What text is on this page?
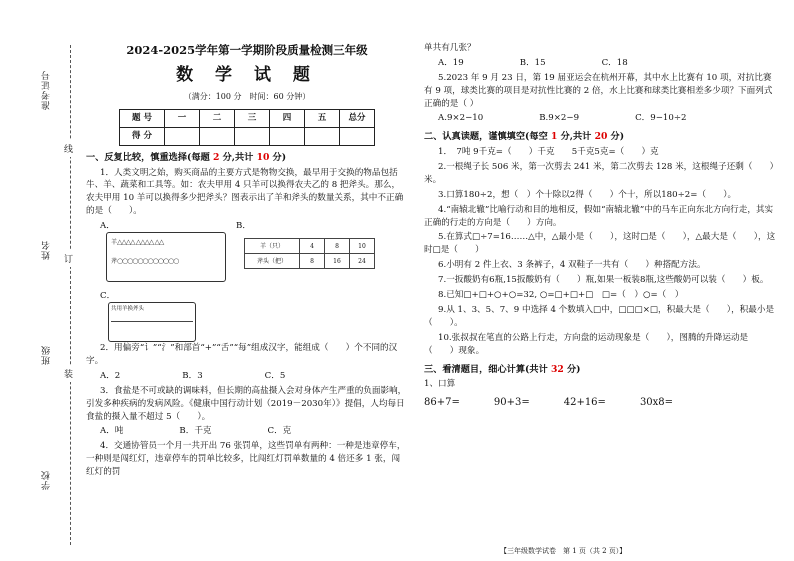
准考证号
姓名
班级
学校
线
订
装
2024-2025学年第一学期阶段质量检测三年级
数 学 试 题
（满分：100 分　时间：60 分钟）
题 号	一	二	三	四	五	总分
得 分						
一、反复比较，慎重选择(每题 2 分,共计 10 分)

1．人类文明之始，购买商品的主要方式是物物交换，最早用于交换的物品包括牛、羊、蔬菜和工具等。如：农夫甲用 4 只羊可以换得农夫乙的 8 把斧头。那么，农夫甲用 10 羊可以换得多少把斧头？图表示出了羊和斧头的数量关系，其中不正确的是（　　）。

A．
羊△△△△ △△△△ △△
斧○○○○○○○○○○○○
B．
羊（只）	4	8	10
斧头（把）	8	16	24
C．
共用羊换斧头

2．用偏旁“讠”“氵”和部首“+”“舌”“每”组成汉字，能组成（　　）个不同的汉字。

A．2	B．3	C．5

3．食盐是不可或缺的调味料，但长期的高盐摄入会对身体产生严重的负面影响，引发多种疾病的发病风险。《健康中国行动计划（2019－2030年）》提倡，人均每日食盐的摄入量不超过 5（　　）。

A．吨	B．千克	C．克

4．交通协管员一个月一共开出 76 张罚单，这些罚单有两种：一种是违章停车，一种则是闯红灯，违章停车的罚单比较多，比闯红灯罚单数量的 4 倍还多 1 张，闯红灯的罚

单共有几张？

A．19	B．15	C．18

5.2023 年 9 月 23 日，第 19 届亚运会在杭州开幕，其中水上比赛有 10 项，对抗比赛有 9 项，球类比赛的项目是对抗性比赛的 2 倍，水上比赛和球类比赛相差多少项？下面列式正确的是（ ）

A.9×2−10	B.9×2−9	C．9−10÷2
二、认真读题，谨慎填空(每空 1 分,共计 20 分)

1．　7吨 9千克=（　　）千克　　5千克5克=（　　）克

2.一根绳子长 506 米，第一次剪去 241 米，第二次剪去 128 米，这根绳子还剩（　　）米。

3.口算180÷2，想（　）个十除以2得（　　）个十，所以180÷2=（　　）。

4.“南辕北辙”比喻行动和目的地相反，假如“南辕北辙”中的马车正向东北方向行走，其实正确的行走的方向是（　　）方向。

5.在算式□÷7=16……△中，△最小是（　　），这时□是（　　），△最大是（　　），这时□是（　　）

6.小明有 2 件上衣、3 条裤子，4 双鞋子一共有（　　）种搭配方法。

7.一扳酸奶有6瓶,15扳酸奶有（　　）瓶,如果一板装8瓶,这些酸奶可以装（　　）板。

8.已知□+□+○+○=32, ○=□+□+□　□=（　）○=（　）

9.从 1、3、5、7、9 中选择 4 个数填入□中，□□□×□，积最大是（　　），积最小是（　　）。

10.张叔叔在笔直的公路上行走，方向盘的运动现象是（　　），图腾的升降运动是（　　）现象。

三、看清题目，细心计算(共计 32 分)

1、口算

86+7=	90+3=	42+16=	30x8=
【三年级数学试卷　第 1 页（共 2 页）】
